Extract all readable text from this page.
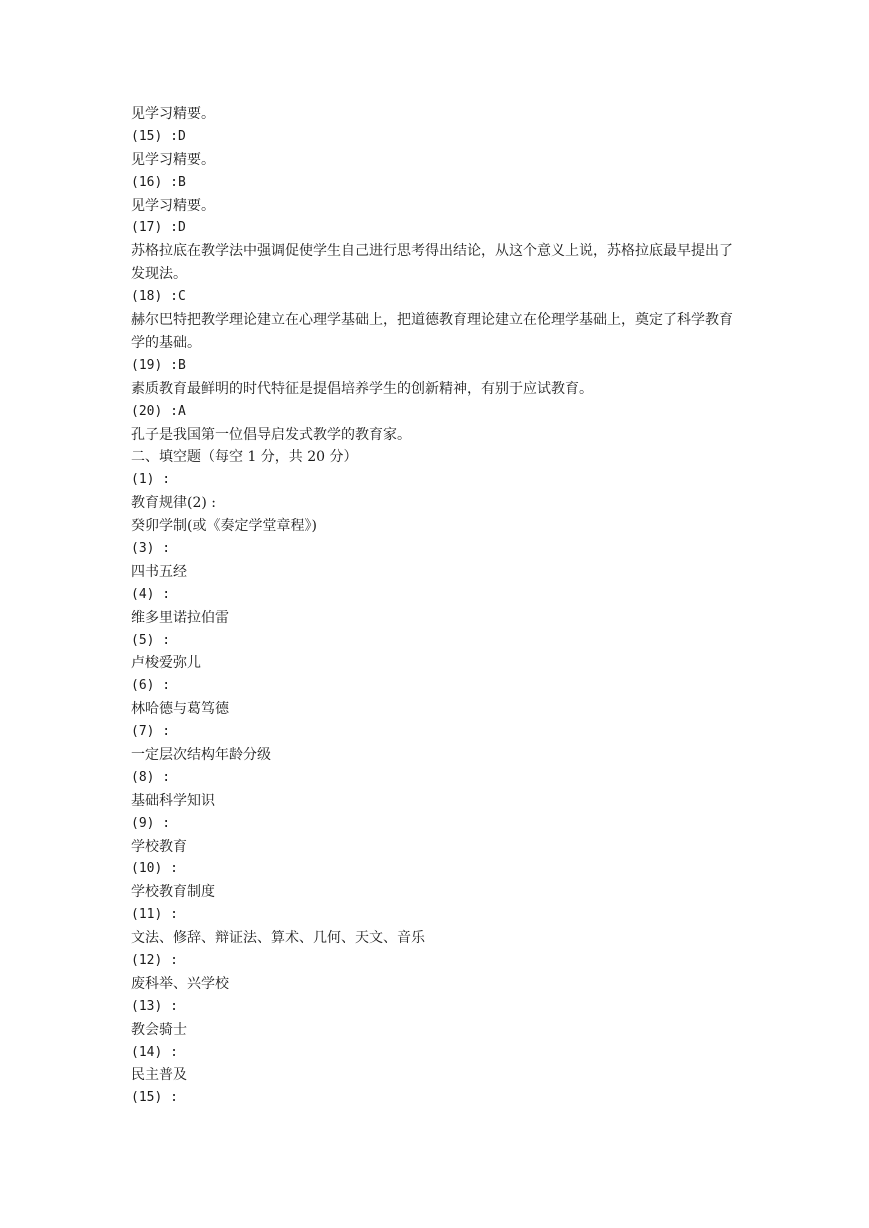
见学习精要。
(15) :D
见学习精要。
(16) :B
见学习精要。
(17) :D
苏格拉底在教学法中强调促使学生自己进行思考得出结论，从这个意义上说，苏格拉底最早提出了发现法。
(18) :C
赫尔巴特把教学理论建立在心理学基础上，把道德教育理论建立在伦理学基础上，奠定了科学教育学的基础。
(19) :B
素质教育最鲜明的时代特征是提倡培养学生的创新精神，有别于应试教育。
(20) :A
孔子是我国第一位倡导启发式教学的教育家。
二、填空题（每空 1 分，共 20 分）
(1) :
教育规律(2) :
癸卯学制(或《奏定学堂章程》)
(3) :
四书五经
(4) :
维多里诺拉伯雷
(5) :
卢梭爱弥儿
(6) :
林哈德与葛笃德
(7) :
一定层次结构年龄分级
(8) :
基础科学知识
(9) :
学校教育
(10) :
学校教育制度
(11) :
文法、修辞、辩证法、算术、几何、天文、音乐
(12) :
废科举、兴学校
(13) :
教会骑士
(14) :
民主普及
(15) :
